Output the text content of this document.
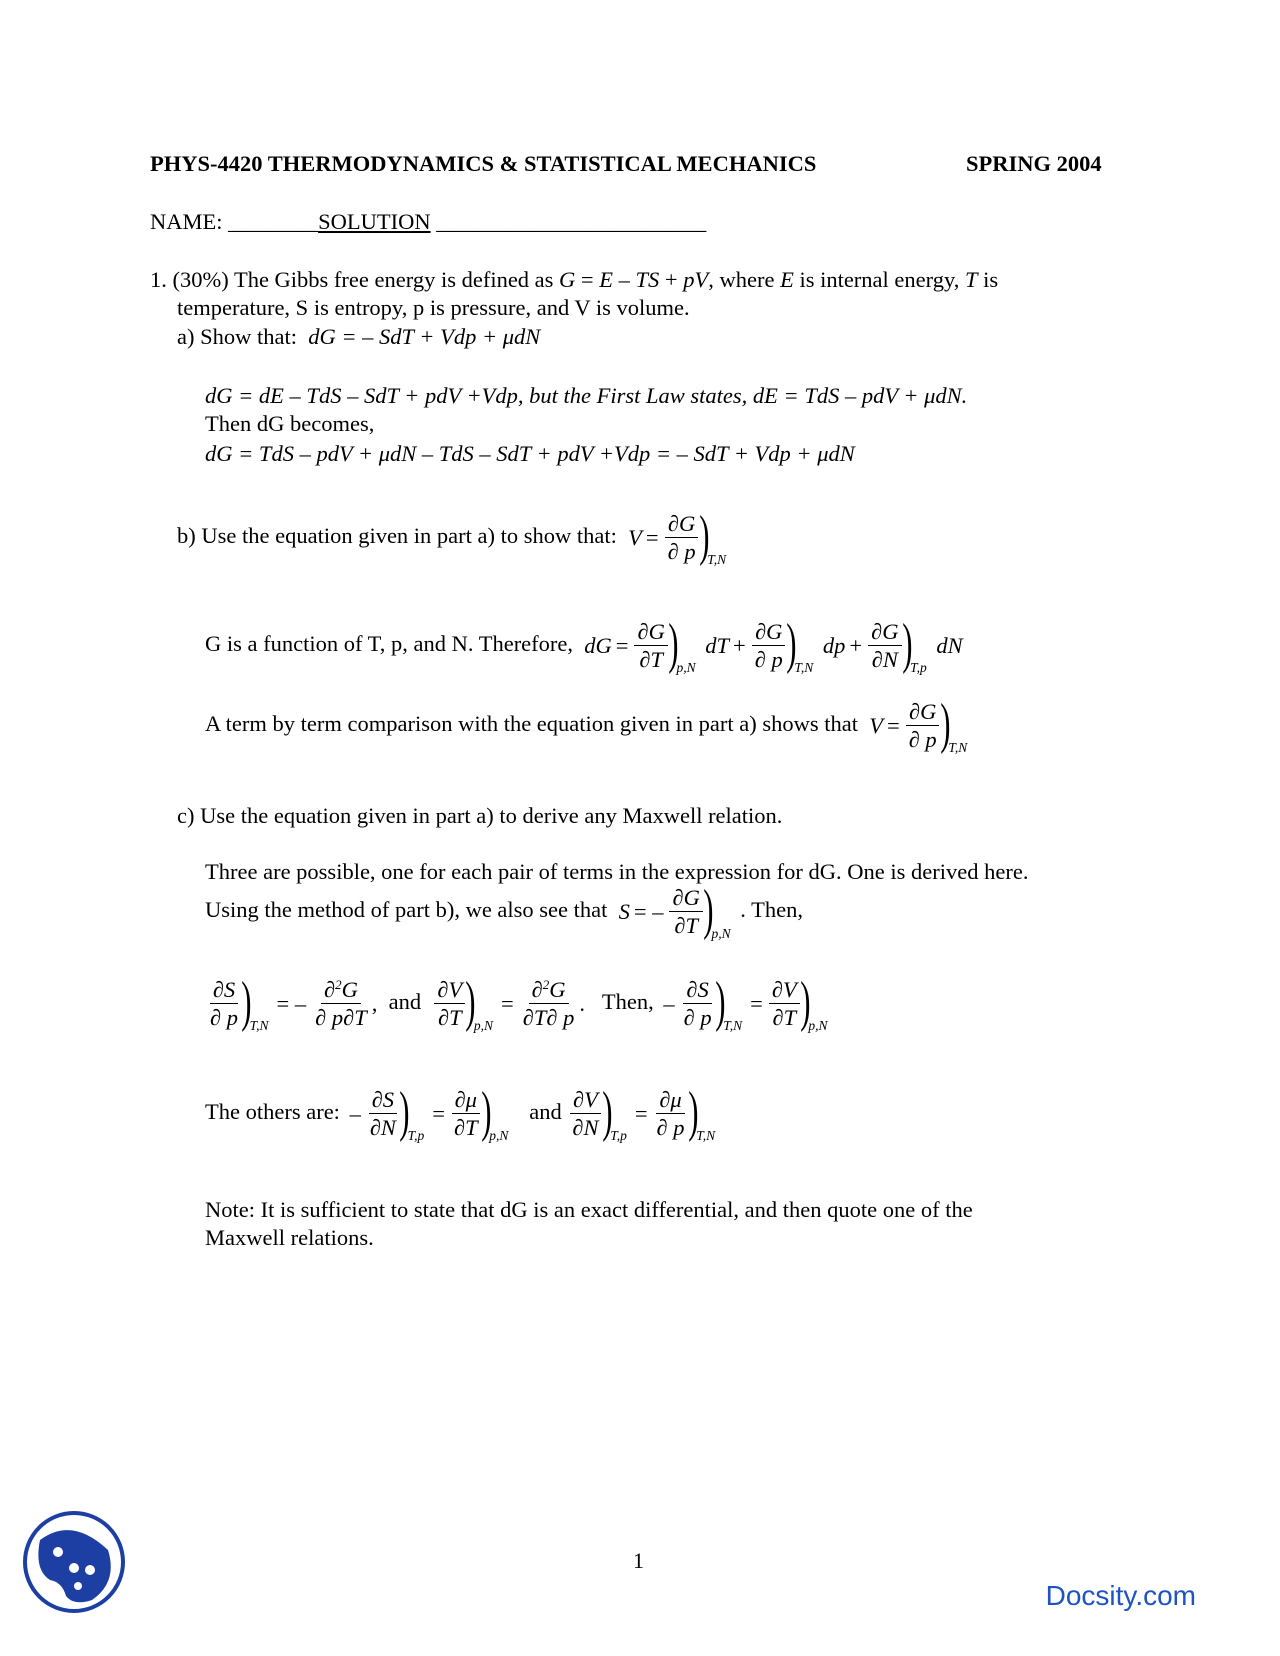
PHYS-4420 THERMODYNAMICS & STATISTICAL MECHANICS	SPRING 2004
NAME: ________SOLUTION ________________________
1. (30%) The Gibbs free energy is defined as G = E – TS + pV, where E is internal energy, T is
temperature, S is entropy, p is pressure, and V is volume.
a) Show that: dG = – SdT + Vdp + μdN
dG = dE – TdS – SdT + pdV +Vdp, but the First Law states, dE = TdS – pdV + μdN.
Then dG becomes,
dG = TdS – pdV + μdN – TdS – SdT + pdV +Vdp = – SdT + Vdp + μdN
b) Use the equation given in part a) to show that: $V = \frac{\partial G}{\partial p}$ )
T,N
G is a function of T, p, and N. Therefore, dG = $\frac{\partial G}{\partial T}$ )
p,N
dT + $\frac{\partial G}{\partial p}$ )
T,N
dp + $\frac{\partial G}{\partial N}$ )
T,p
dN
A term by term comparison with the equation given in part a) shows that $V = \frac{\partial G}{\partial p}$ )
T,N
c) Use the equation given in part a) to derive any Maxwell relation.
Three are possible, one for each pair of terms in the expression for dG. One is derived here.
Using the method of part b), we also see that S = – $\frac{\partial G}{\partial T}$ )
p,N
. Then,
$\frac{\partial S}{\partial p}$ )
T,N
= – $\frac{\partial^2G}{\partial p\partial T}$ ,  and $\frac{\partial V}{\partial T}$ )
p,N
= $\frac{\partial^2G}{\partial T\partial p}$ .   Then, – $\frac{\partial S}{\partial p}$ )
T,N
= $\frac{\partial V}{\partial T}$ )
p,N
The others are: – $\frac{\partial S}{\partial N}$ )
T,p
= $\frac{\partial\mu}{\partial T}$ )
p,N
and $\frac{\partial V}{\partial N}$ )
T,p
= $\frac{\partial\mu}{\partial p}$ )
T,N
Note: It is sufficient to state that dG is an exact differential, and then quote one of the
Maxwell relations.
1
Docsity.com
